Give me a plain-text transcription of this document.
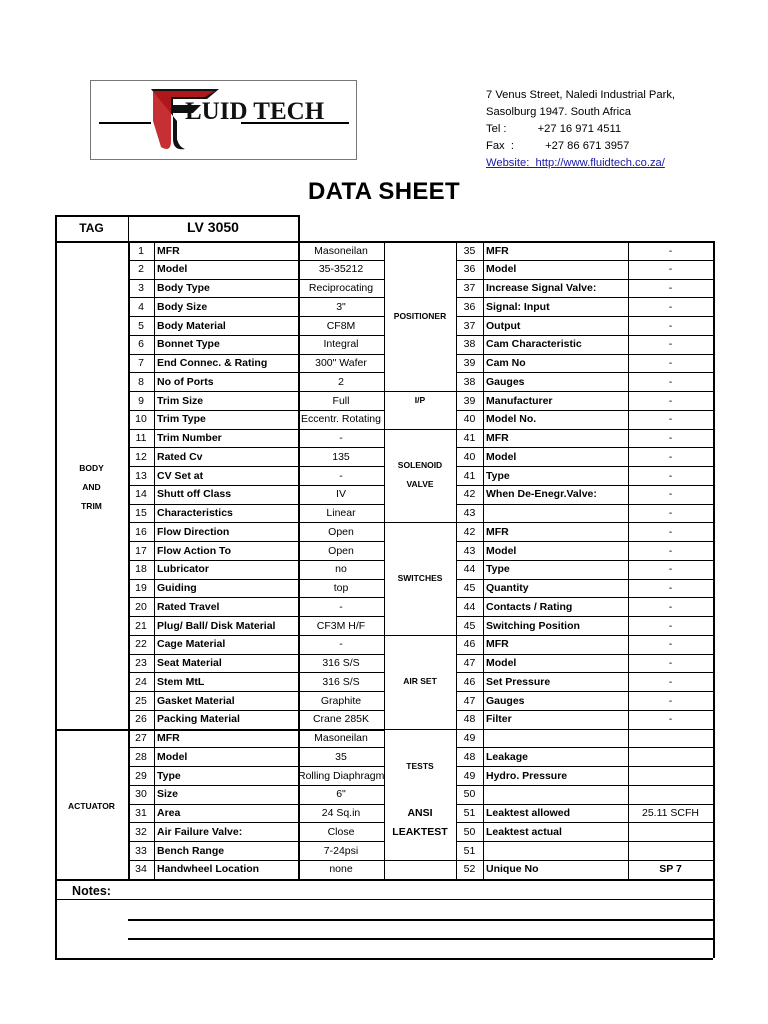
LUID TECH
7 Venus Street, Naledi Industrial Park,
Sasolburg 1947. South Africa
Tel :	+27 16 971 4511
Fax  :	+27 86 671 3957
Website:  http://www.fluidtech.co.za/
DATA SHEET
TAG	LV 3050
1	MFR	Masoneilan	35	MFR	-
2	Model	35-35212	36	Model	-
3	Body Type	Reciprocating	37	Increase Signal Valve:	-
4	Body Size	3"	36	Signal: Input	-
5	Body Material	CF8M	37	Output	-
6	Bonnet Type	Integral	38	Cam Characteristic	-
7	End Connec. & Rating	300" Wafer	39	Cam No	-
8	No of Ports	2	38	Gauges	-
9	Trim Size	Full	39	Manufacturer	-
10 Trim Type	Eccentr. Rotating	40	Model No.	-
11	Trim Number	-	41	MFR	-
12 Rated Cv	135	40	Model	-
13 CV Set at	-	41	Type	-
14 Shutt off Class	IV	42	When De-Enegr.Valve:	-
15 Characteristics	Linear	43	-
16 Flow Direction	Open	42	MFR	-
17 Flow Action To	Open	43	Model	-
18 Lubricator	no	44	Type	-
19 Guiding	top	45	Quantity	-
20 Rated Travel	-	44	Contacts / Rating	-
21 Plug/ Ball/ Disk Material	CF3M H/F	45	Switching Position	-
22 Cage Material	-	46	MFR	-
23 Seat Material	316 S/S	47	Model	-
24 Stem MtL	316 S/S	46	Set Pressure	-
25 Gasket Material	Graphite	47	Gauges	-
26 Packing Material	Crane 285K	48	Filter	-
27 MFR	Masoneilan	49
28 Model	35	48	Leakage
29 Type	Rolling Diaphragm	49	Hydro. Pressure
30 Size	6"	50
31 Area	24 Sq.in	51	Leaktest allowed	25.11 SCFH
32 Air Failure Valve:	Close	50	Leaktest actual
33 Bench Range	7-24psi	51
34 Handwheel Location	none	52	Unique No	SP 7
BODY
AND
TRIM
ACTUATOR
POSITIONER
I/P
SOLENOID
VALVE
SWITCHES
AIR SET
TESTS
ANSI
LEAKTEST
Notes:
